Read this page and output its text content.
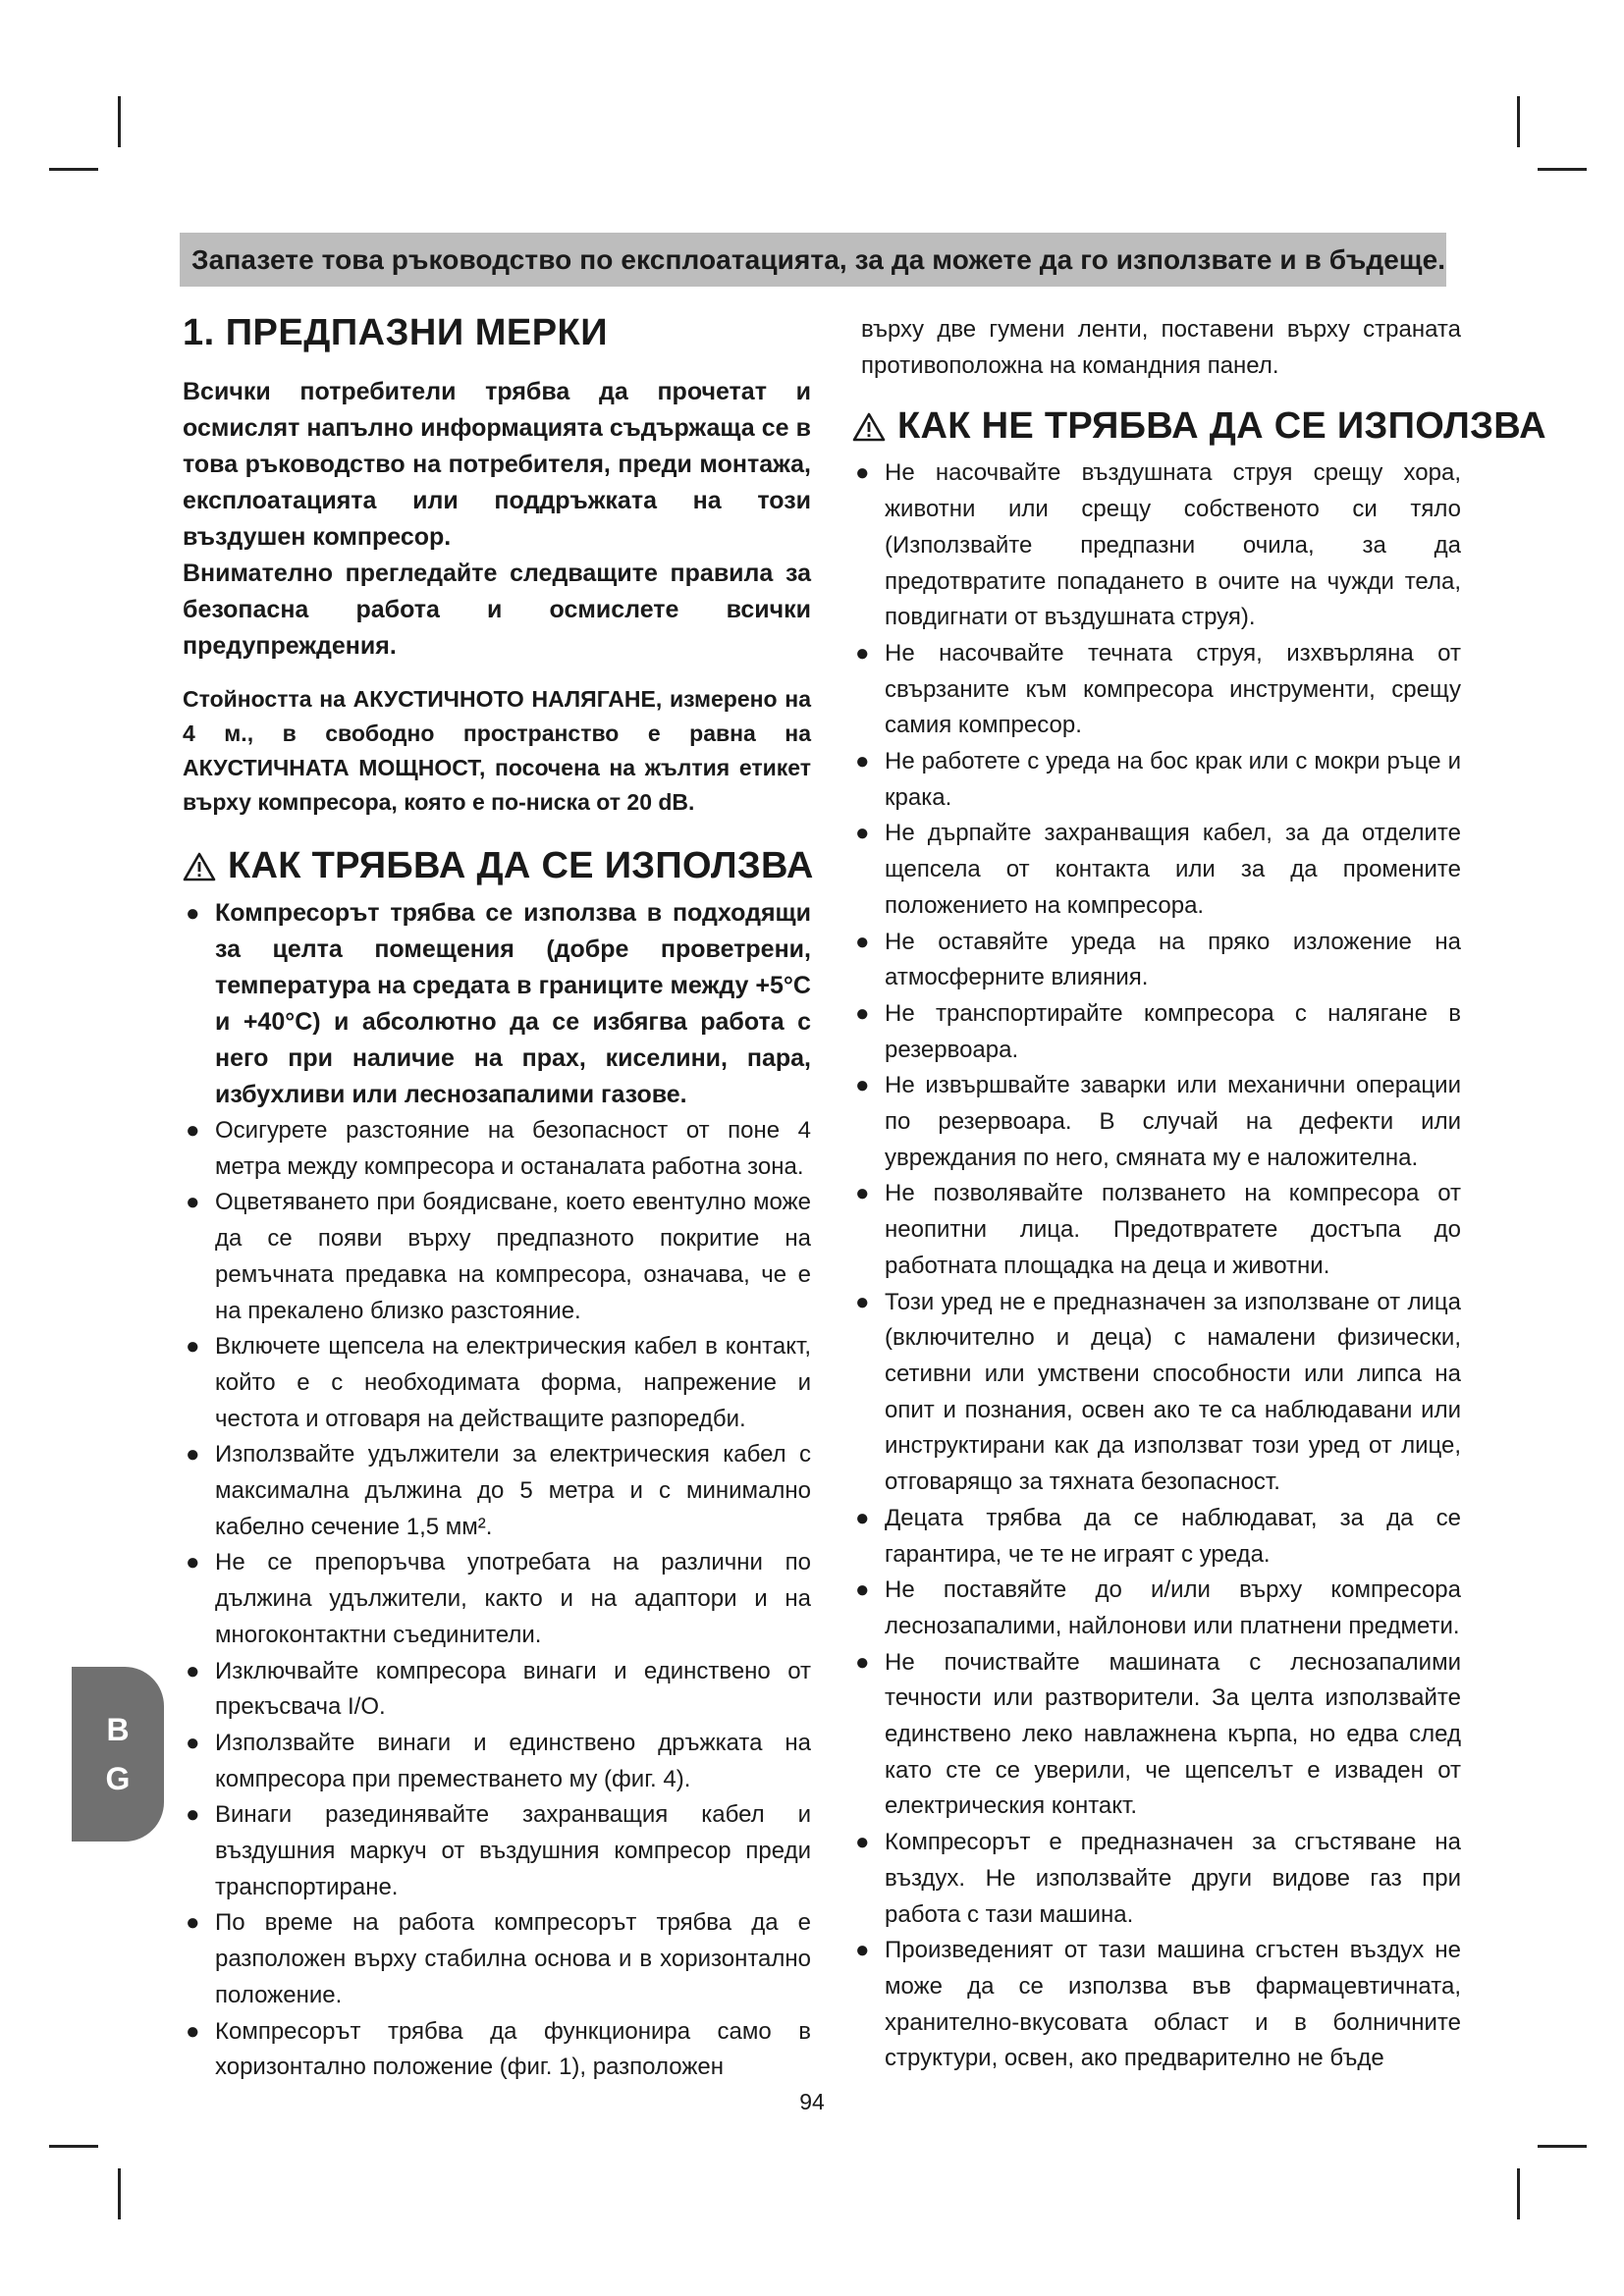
Запазете това ръководство по експлоатацията, за да можете да го използвате и в бъдеще.
1. ПРЕДПАЗНИ МЕРКИ

Всички потребители трябва да прочетат и осмислят напълно информацията съдържаща се в това ръководство на потребителя, преди монтажа, експлоатацията или поддръжката на този въздушен компресор.

Внимателно прегледайте следващите правила за безопасна работа и осмислете всички предупреждения.

Стойността на АКУСТИЧНОТО НАЛЯГАНЕ, измерено на 4 м., в свободно пространство е равна на АКУСТИЧНАТА МОЩНОСТ, посочена на жълтия етикет върху компресора, която е по-ниска от 20 dB.

КАК ТРЯБВА ДА СЕ ИЗПОЛЗВА
● Компресорът трябва се използва в подходящи за целта помещения (добре проветрени, температура на средата в границите между +5°C и +40°C) и абсолютно да се избягва работа с него при наличие на прах, киселини, пара, избухливи или леснозапалими газове.
● Осигурете разстояние на безопасност от поне 4 метра между компресора и останалата работна зона.
● Оцветяването при боядисване, което евентулно може да се появи върху предпазното покритие на ремъчната предавка на компресора, означава, че е на прекалено близко разстояние.
● Включете щепсела на електрическия кабел в контакт, който е с необходимата форма, напрежение и честота и отговаря на действащите разпоредби.
● Използвайте удължители за електрическия кабел с максимална дължина до 5 метра и с минимално кабелно сечение 1,5 мм².
● Не се препоръчва употребата на различни по дължина удължители, както и на адаптори и на многоконтактни съединители.
● Изключвайте компресора винаги и единствено от прекъсвача I/O.
● Използвайте винаги и единствено дръжката на компресора при преместването му (фиг. 4).
● Винаги разединявайте захранващия кабел и въздушния маркуч от въздушния компресор преди транспортиране.
● По време на работа компресорът трябва да е разположен върху стабилна основа и в хоризонтално положение.
● Компресорът трябва да функционира само в хоризонтално положение (фиг. 1), разположен

върху две гумени ленти, поставени върху страната противоположна на командния панел.

КАК НЕ ТРЯБВА ДА СЕ ИЗПОЛЗВА
● Не насочвайте въздушната струя срещу хора, животни или срещу собственото си тяло (Използвайте предпазни очила, за да предотвратите попадането в очите на чужди тела, повдигнати от въздушната струя).
● Не насочвайте течната струя, изхвърляна от свързаните към компресора инструменти, срещу самия компресор.
● Не работете с уреда на бос крак или с мокри ръце и крака.
● Не дърпайте захранващия кабел, за да отделите щепсела от контакта или за да промените положението на компресора.
● Не оставяйте уреда на пряко изложение на атмосферните влияния.
● Не транспортирайте компресора с налягане в резервоара.
● Не извършвайте заварки или механични операции по резервоара. В случай на дефекти или увреждания по него, смяната му е наложителна.
● Не позволявайте ползването на компресора от неопитни лица. Предотвратете достъпа до работната площадка на деца и животни.
● Този уред не е предназначен за използване от лица (включително и деца) с намалени физически, сетивни или умствени способности или липса на опит и познания, освен ако те са наблюдавани или инструктирани как да използват този уред от лице, отговарящо за тяхната безопасност.
● Децата трябва да се наблюдават, за да се гарантира, че те не играят с уреда.
● Не поставяйте до и/или върху компресора леснозапалими, найлонови или платнени предмети.
● Не почиствайте машината с леснозапалими течности или разтворители. За целта използвайте единствено леко навлажнена кърпа, но едва след като сте се уверили, че щепселът е изваден от електрическия контакт.
● Компресорът е предназначен за сгъстяване на въздух. Не използвайте други видове газ при работа с тази машина.
● Произведеният от тази машина сгъстен въздух не може да се използва във фармацевтичната, хранително-вкусовата област и в болничните структури, освен, ако предварително не бъде
B
G
94
